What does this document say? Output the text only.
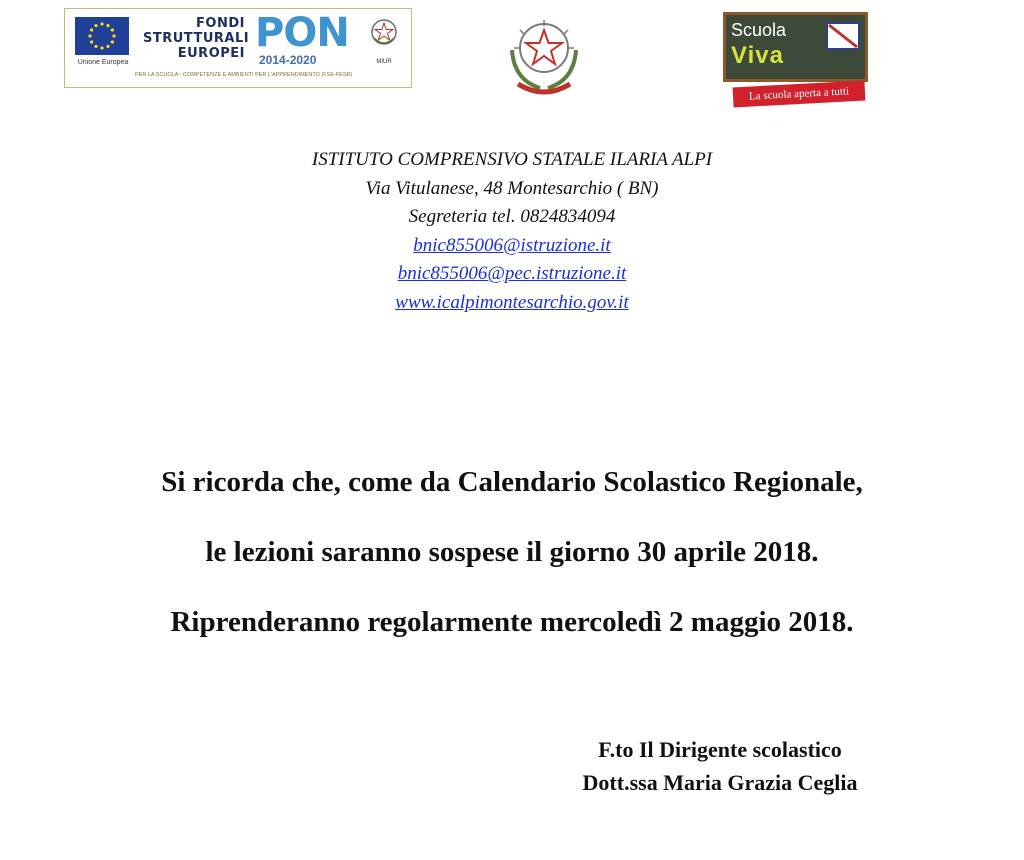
Unione Europea
FONDI
STRUTTURALI
EUROPEI PON
2014-2020	MIUR
PER LA SCUOLA - COMPETENZE E AMBIENTI PER L'APPRENDIMENTO (FSE-FESR)
Scuola
Viva
La scuola aperta a tutti
ISTITUTO COMPRENSIVO STATALE ILARIA ALPI
Via Vitulanese, 48 Montesarchio ( BN)
Segreteria tel. 0824834094
bnic855006@istruzione.it
bnic855006@pec.istruzione.it
www.icalpimontesarchio.gov.it
Si ricorda che, come da Calendario Scolastico Regionale,
le lezioni saranno sospese il giorno 30 aprile 2018.
Riprenderanno regolarmente mercoledì 2 maggio 2018.
F.to Il Dirigente scolastico
Dott.ssa Maria Grazia Ceglia
